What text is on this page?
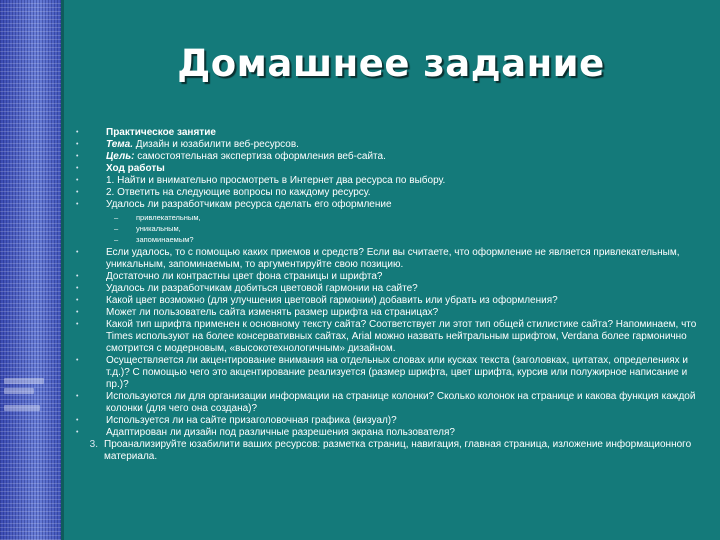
Домашнее задание
•	Практическое занятие
•	Тема. Дизайн и юзабилити веб-ресурсов.
•	Цель: самостоятельная экспертиза оформления веб-сайта.
•	Ход работы
•	1. Найти и внимательно просмотреть в Интернет два ресурса по выбору.
•	2. Ответить на следующие вопросы по каждому ресурсу.
•	Удалось ли разработчикам ресурса сделать его оформление
–	привлекательным,
–	уникальным,
–	запоминаемым?
•	Если удалось, то с помощью каких приемов и средств? Если вы считаете, что оформление не является привлекательным, уникальным, запоминаемым, то аргументируйте свою позицию.
•	Достаточно ли контрастны цвет фона страницы и шрифта?
•	Удалось ли разработчикам добиться цветовой гармонии на сайте?
•	Какой цвет возможно (для улучшения цветовой гармонии) добавить или убрать из оформления?
•	Может ли пользователь сайта изменять размер шрифта на страницах?
•	Какой тип шрифта применен к основному тексту сайта? Соответствует ли этот тип общей стилистике сайта? Напоминаем, что Times используют на более консервативных сайтах, Arial можно назвать нейтральным шрифтом, Verdana более гармонично смотрится с модерновым, «высокотехнологичным» дизайном.
•	Осуществляется ли акцентирование внимания на отдельных словах или кусках текста (заголовках, цитатах, определениях и т.д.)? С помощью чего это акцентирование реализуется (размер шрифта, цвет шрифта, курсив или полужирное написание и пр.)?
•	Используются ли для организации информации на странице колонки? Сколько колонок на странице и какова функция каждой колонки (для чего она создана)?
•	Используется ли на сайте призаголовочная графика (визуал)?
•	Адаптирован ли дизайн под различные разрешения экрана пользователя?
3. Проанализируйте юзабилити ваших ресурсов: разметка страниц, навигация, главная страница, изложение информационного материала.
